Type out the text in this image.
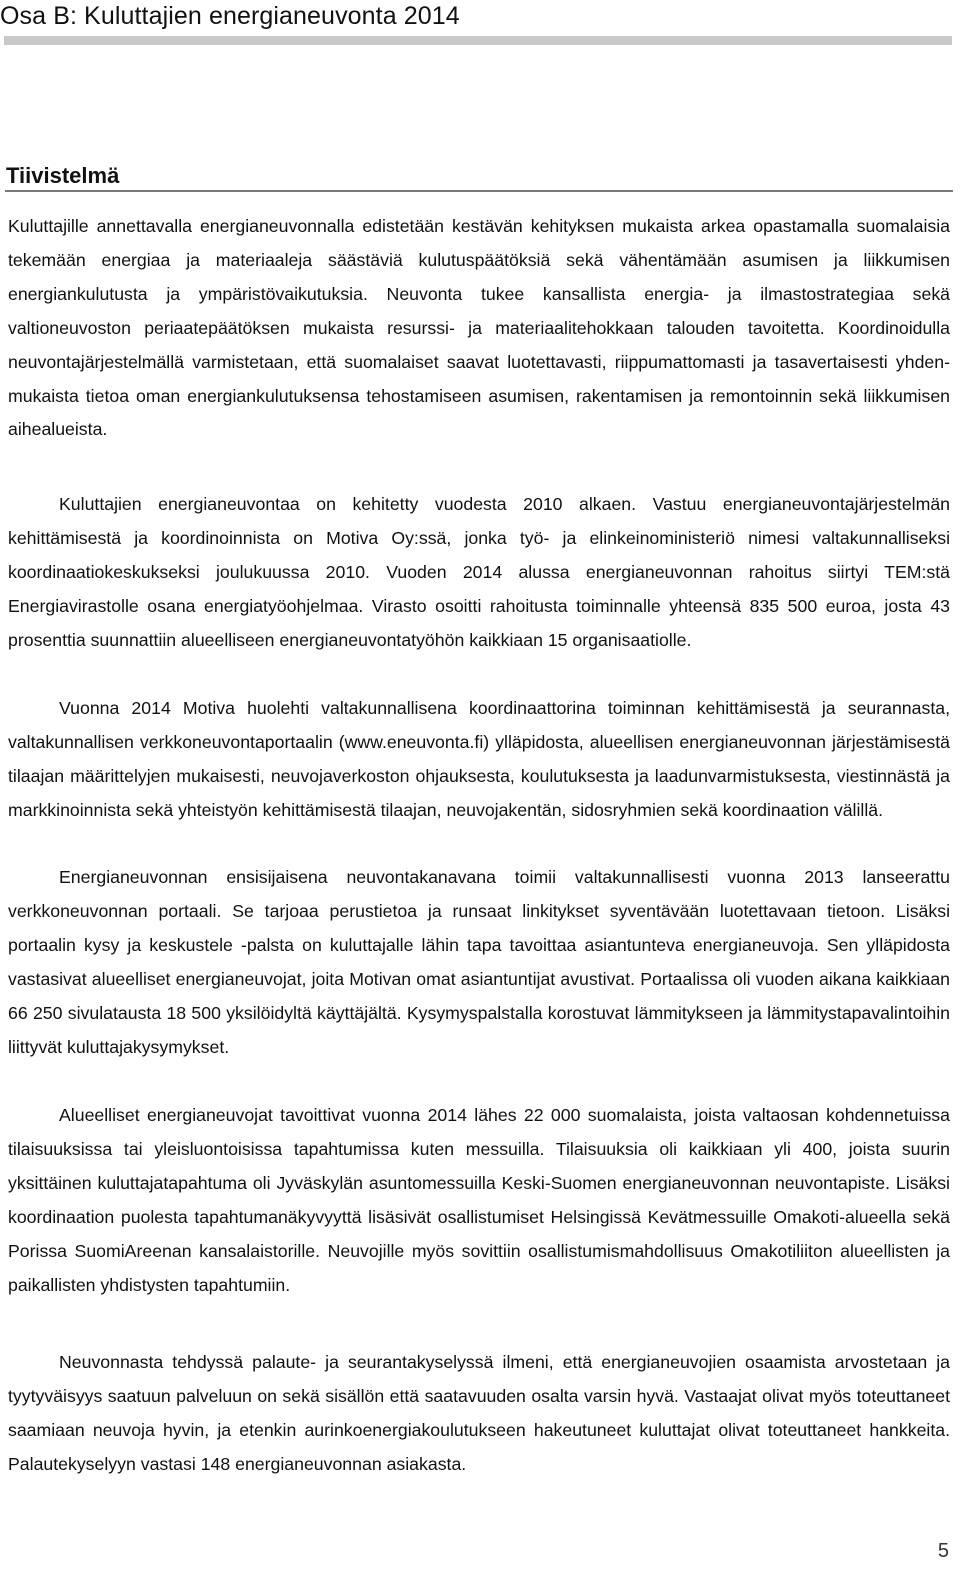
Osa B: Kuluttajien energianeuvonta 2014
Tiivistelmä

Kuluttajille annettavalla energianeuvonnalla edistetään kestävän kehityksen mukaista arkea opastamalla suomalaisia tekemään energiaa ja materiaaleja säästäviä kulutuspäätöksiä sekä vähentämään asumisen ja liikkumisen energiankulutusta ja ympäristövaikutuksia. Neuvonta tukee kansallista energia- ja ilmastostrategiaa sekä valtioneuvoston periaatepäätöksen mukaista resurssi- ja materiaalitehokkaan talouden tavoitetta. Koordinoidulla neuvontajärjestelmällä varmistetaan, että suomalaiset saavat luotettavasti, riippumattomasti ja tasavertaisesti yhdenmukaista tietoa oman energiankulutuksensa tehostamiseen asumisen, rakentamisen ja remontoinnin sekä liikkumisen aihealueista.

Kuluttajien energianeuvontaa on kehitetty vuodesta 2010 alkaen. Vastuu energianeuvontajärjestelmän kehittämisestä ja koordinoinnista on Motiva Oy:ssä, jonka työ- ja elinkeinoministeriö nimesi valtakunnalliseksi koordinaatiokeskukseksi joulukuussa 2010. Vuoden 2014 alussa energianeuvonnan rahoitus siirtyi TEM:stä Energiavirastolle osana energiatyöohjelmaa. Virasto osoitti rahoitusta toiminnalle yhteensä 835 500 euroa, josta 43 prosenttia suunnattiin alueelliseen energianeuvontatyöhön kaikkiaan 15 organisaatiolle.

Vuonna 2014 Motiva huolehti valtakunnallisena koordinaattorina toiminnan kehittämisestä ja seurannasta, valtakunnallisen verkkoneuvontaportaalin (www.eneuvonta.fi) ylläpidosta, alueellisen energianeuvonnan järjestämisestä tilaajan määrittelyjen mukaisesti, neuvojaverkoston ohjauksesta, koulutuksesta ja laadunvarmistuksesta, viestinnästä ja markkinoinnista sekä yhteistyön kehittämisestä tilaajan, neuvojakentän, sidosryhmien sekä koordinaation välillä.

Energianeuvonnan ensisijaisena neuvontakanavana toimii valtakunnallisesti vuonna 2013 lanseerattu verkkoneuvonnan portaali. Se tarjoaa perustietoa ja runsaat linkitykset syventävään luotettavaan tietoon. Lisäksi portaalin kysy ja keskustele -palsta on kuluttajalle lähin tapa tavoittaa asiantunteva energianeuvoja. Sen ylläpidosta vastasivat alueelliset energianeuvojat, joita Motivan omat asiantuntijat avustivat. Portaalissa oli vuoden aikana kaikkiaan 66 250 sivulatausta 18 500 yksilöidyltä käyttäjältä. Kysymyspalstalla korostuvat lämmitykseen ja lämmitystapavalintoihin liittyvät kuluttajakysymykset.

Alueelliset energianeuvojat tavoittivat vuonna 2014 lähes 22 000 suomalaista, joista valtaosan kohdennetuissa tilaisuuksissa tai yleisluontoisissa tapahtumissa kuten messuilla. Tilaisuuksia oli kaikkiaan yli 400, joista suurin yksittäinen kuluttajatapahtuma oli Jyväskylän asuntomessuilla Keski-Suomen energianeuvonnan neuvontapiste. Lisäksi koordinaation puolesta tapahtumanäkyvyyttä lisäsivät osallistumiset Helsingissä Kevätmessuille Omakoti-alueella sekä Porissa SuomiAreenan kansalaistorille. Neuvojille myös sovittiin osallistumismahdollisuus Omakotiliiton alueellisten ja paikallisten yhdistysten tapahtumiin.

Neuvonnasta tehdyssä palaute- ja seurantakyselyssä ilmeni, että energianeuvojien osaamista arvostetaan ja tyytyväisyys saatuun palveluun on sekä sisällön että saatavuuden osalta varsin hyvä. Vastaajat olivat myös toteuttaneet saamiaan neuvoja hyvin, ja etenkin aurinkoenergiakoulutukseen hakeutuneet kuluttajat olivat toteuttaneet hankkeita. Palautekyselyyn vastasi 148 energianeuvonnan asiakasta.

5
